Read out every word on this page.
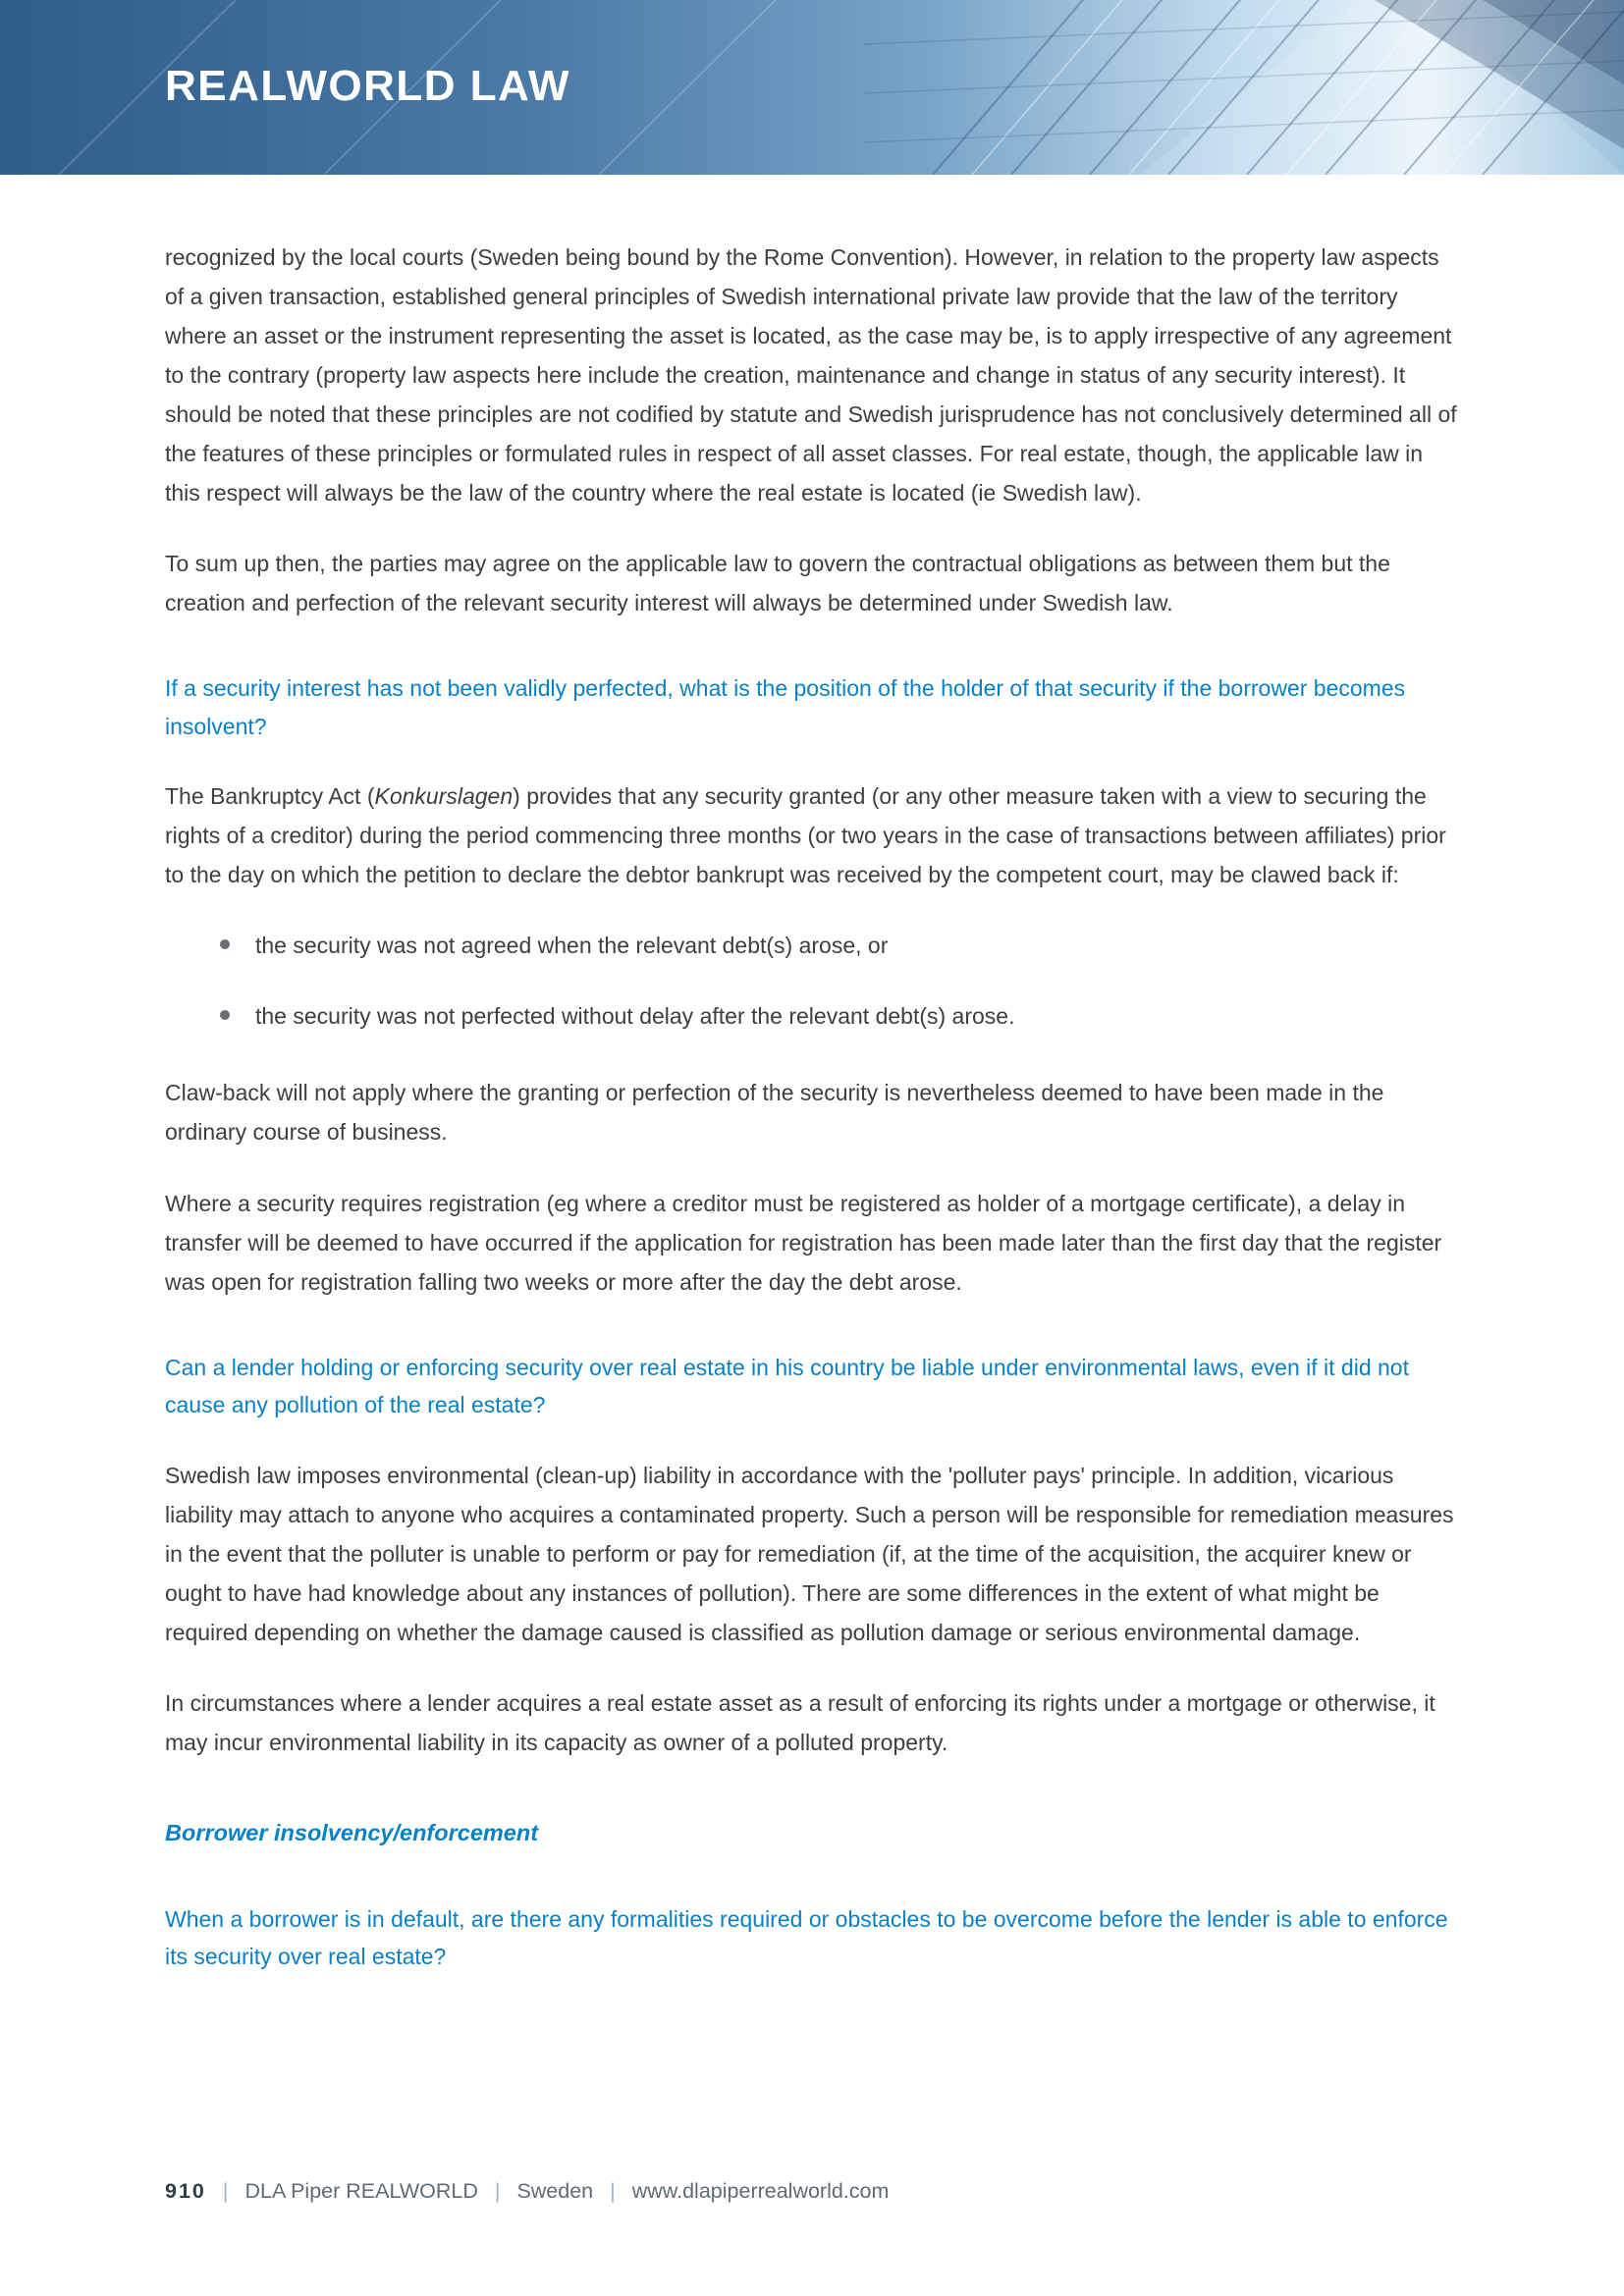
REALWORLD LAW

recognized by the local courts (Sweden being bound by the Rome Convention). However, in relation to the property law aspects of a given transaction, established general principles of Swedish international private law provide that the law of the territory where an asset or the instrument representing the asset is located, as the case may be, is to apply irrespective of any agreement to the contrary (property law aspects here include the creation, maintenance and change in status of any security interest). It should be noted that these principles are not codified by statute and Swedish jurisprudence has not conclusively determined all of the features of these principles or formulated rules in respect of all asset classes. For real estate, though, the applicable law in this respect will always be the law of the country where the real estate is located (ie Swedish law).

To sum up then, the parties may agree on the applicable law to govern the contractual obligations as between them but the creation and perfection of the relevant security interest will always be determined under Swedish law.

If a security interest has not been validly perfected, what is the position of the holder of that security if the borrower becomes insolvent?

The Bankruptcy Act (Konkurslagen) provides that any security granted (or any other measure taken with a view to securing the rights of a creditor) during the period commencing three months (or two years in the case of transactions between affiliates) prior to the day on which the petition to declare the debtor bankrupt was received by the competent court, may be clawed back if:

the security was not agreed when the relevant debt(s) arose, or
the security was not perfected without delay after the relevant debt(s) arose.

Claw-back will not apply where the granting or perfection of the security is nevertheless deemed to have been made in the ordinary course of business.

Where a security requires registration (eg where a creditor must be registered as holder of a mortgage certificate), a delay in transfer will be deemed to have occurred if the application for registration has been made later than the first day that the register was open for registration falling two weeks or more after the day the debt arose.

Can a lender holding or enforcing security over real estate in his country be liable under environmental laws, even if it did not cause any pollution of the real estate?

Swedish law imposes environmental (clean-up) liability in accordance with the 'polluter pays' principle. In addition, vicarious liability may attach to anyone who acquires a contaminated property. Such a person will be responsible for remediation measures in the event that the polluter is unable to perform or pay for remediation (if, at the time of the acquisition, the acquirer knew or ought to have had knowledge about any instances of pollution). There are some differences in the extent of what might be required depending on whether the damage caused is classified as pollution damage or serious environmental damage.

In circumstances where a lender acquires a real estate asset as a result of enforcing its rights under a mortgage or otherwise, it may incur environmental liability in its capacity as owner of a polluted property.

Borrower insolvency/enforcement
When a borrower is in default, are there any formalities required or obstacles to be overcome before the lender is able to enforce its security over real estate?
910 | DLA Piper REALWORLD | Sweden | www.dlapiperrealworld.com
